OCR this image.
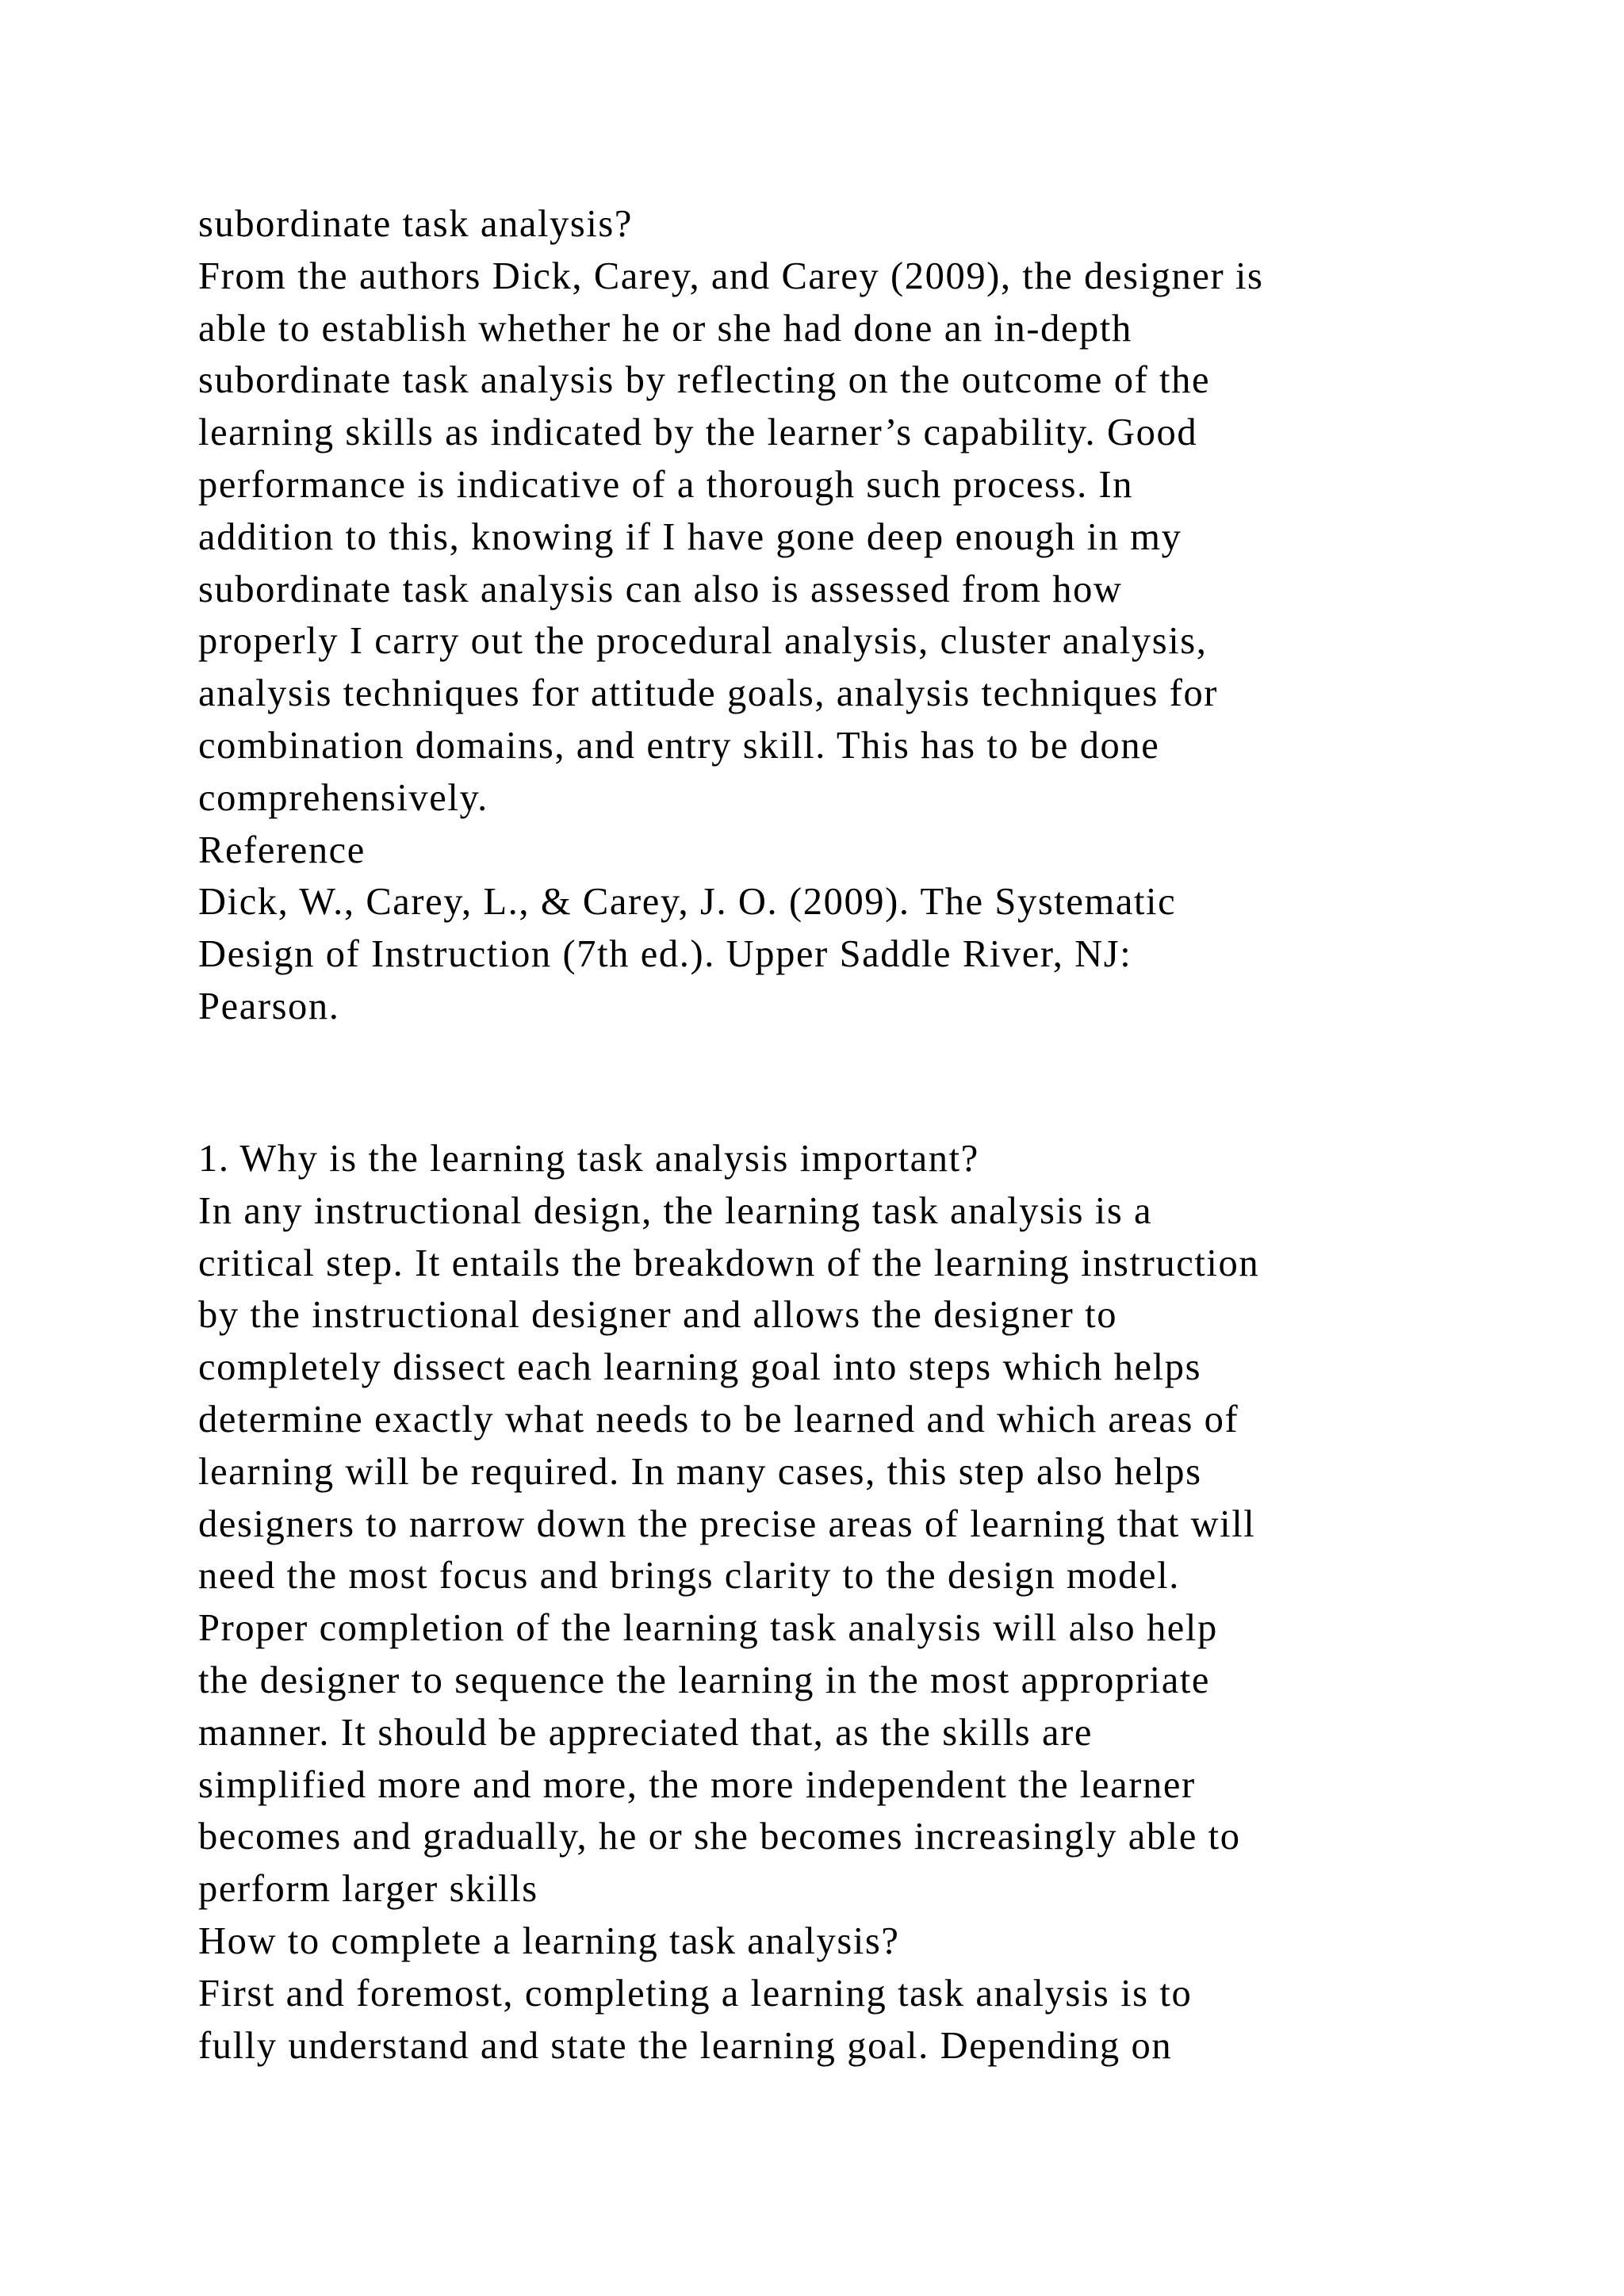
subordinate task analysis?
From the authors Dick, Carey, and Carey (2009), the designer is
able to establish whether he or she had done an in-depth
subordinate task analysis by reflecting on the outcome of the
learning skills as indicated by the learner’s capability. Good
performance is indicative of a thorough such process. In
addition to this, knowing if I have gone deep enough in my
subordinate task analysis can also is assessed from how
properly I carry out the procedural analysis, cluster analysis,
analysis techniques for attitude goals, analysis techniques for
combination domains, and entry skill. This has to be done
comprehensively.
Reference
Dick, W., Carey, L., & Carey, J. O. (2009). The Systematic
Design of Instruction (7th ed.). Upper Saddle River, NJ:
Pearson.
1. Why is the learning task analysis important?
In any instructional design, the learning task analysis is a
critical step. It entails the breakdown of the learning instruction
by the instructional designer and allows the designer to
completely dissect each learning goal into steps which helps
determine exactly what needs to be learned and which areas of
learning will be required. In many cases, this step also helps
designers to narrow down the precise areas of learning that will
need the most focus and brings clarity to the design model.
Proper completion of the learning task analysis will also help
the designer to sequence the learning in the most appropriate
manner. It should be appreciated that, as the skills are
simplified more and more, the more independent the learner
becomes and gradually, he or she becomes increasingly able to
perform larger skills
How to complete a learning task analysis?
First and foremost, completing a learning task analysis is to
fully understand and state the learning goal. Depending on
